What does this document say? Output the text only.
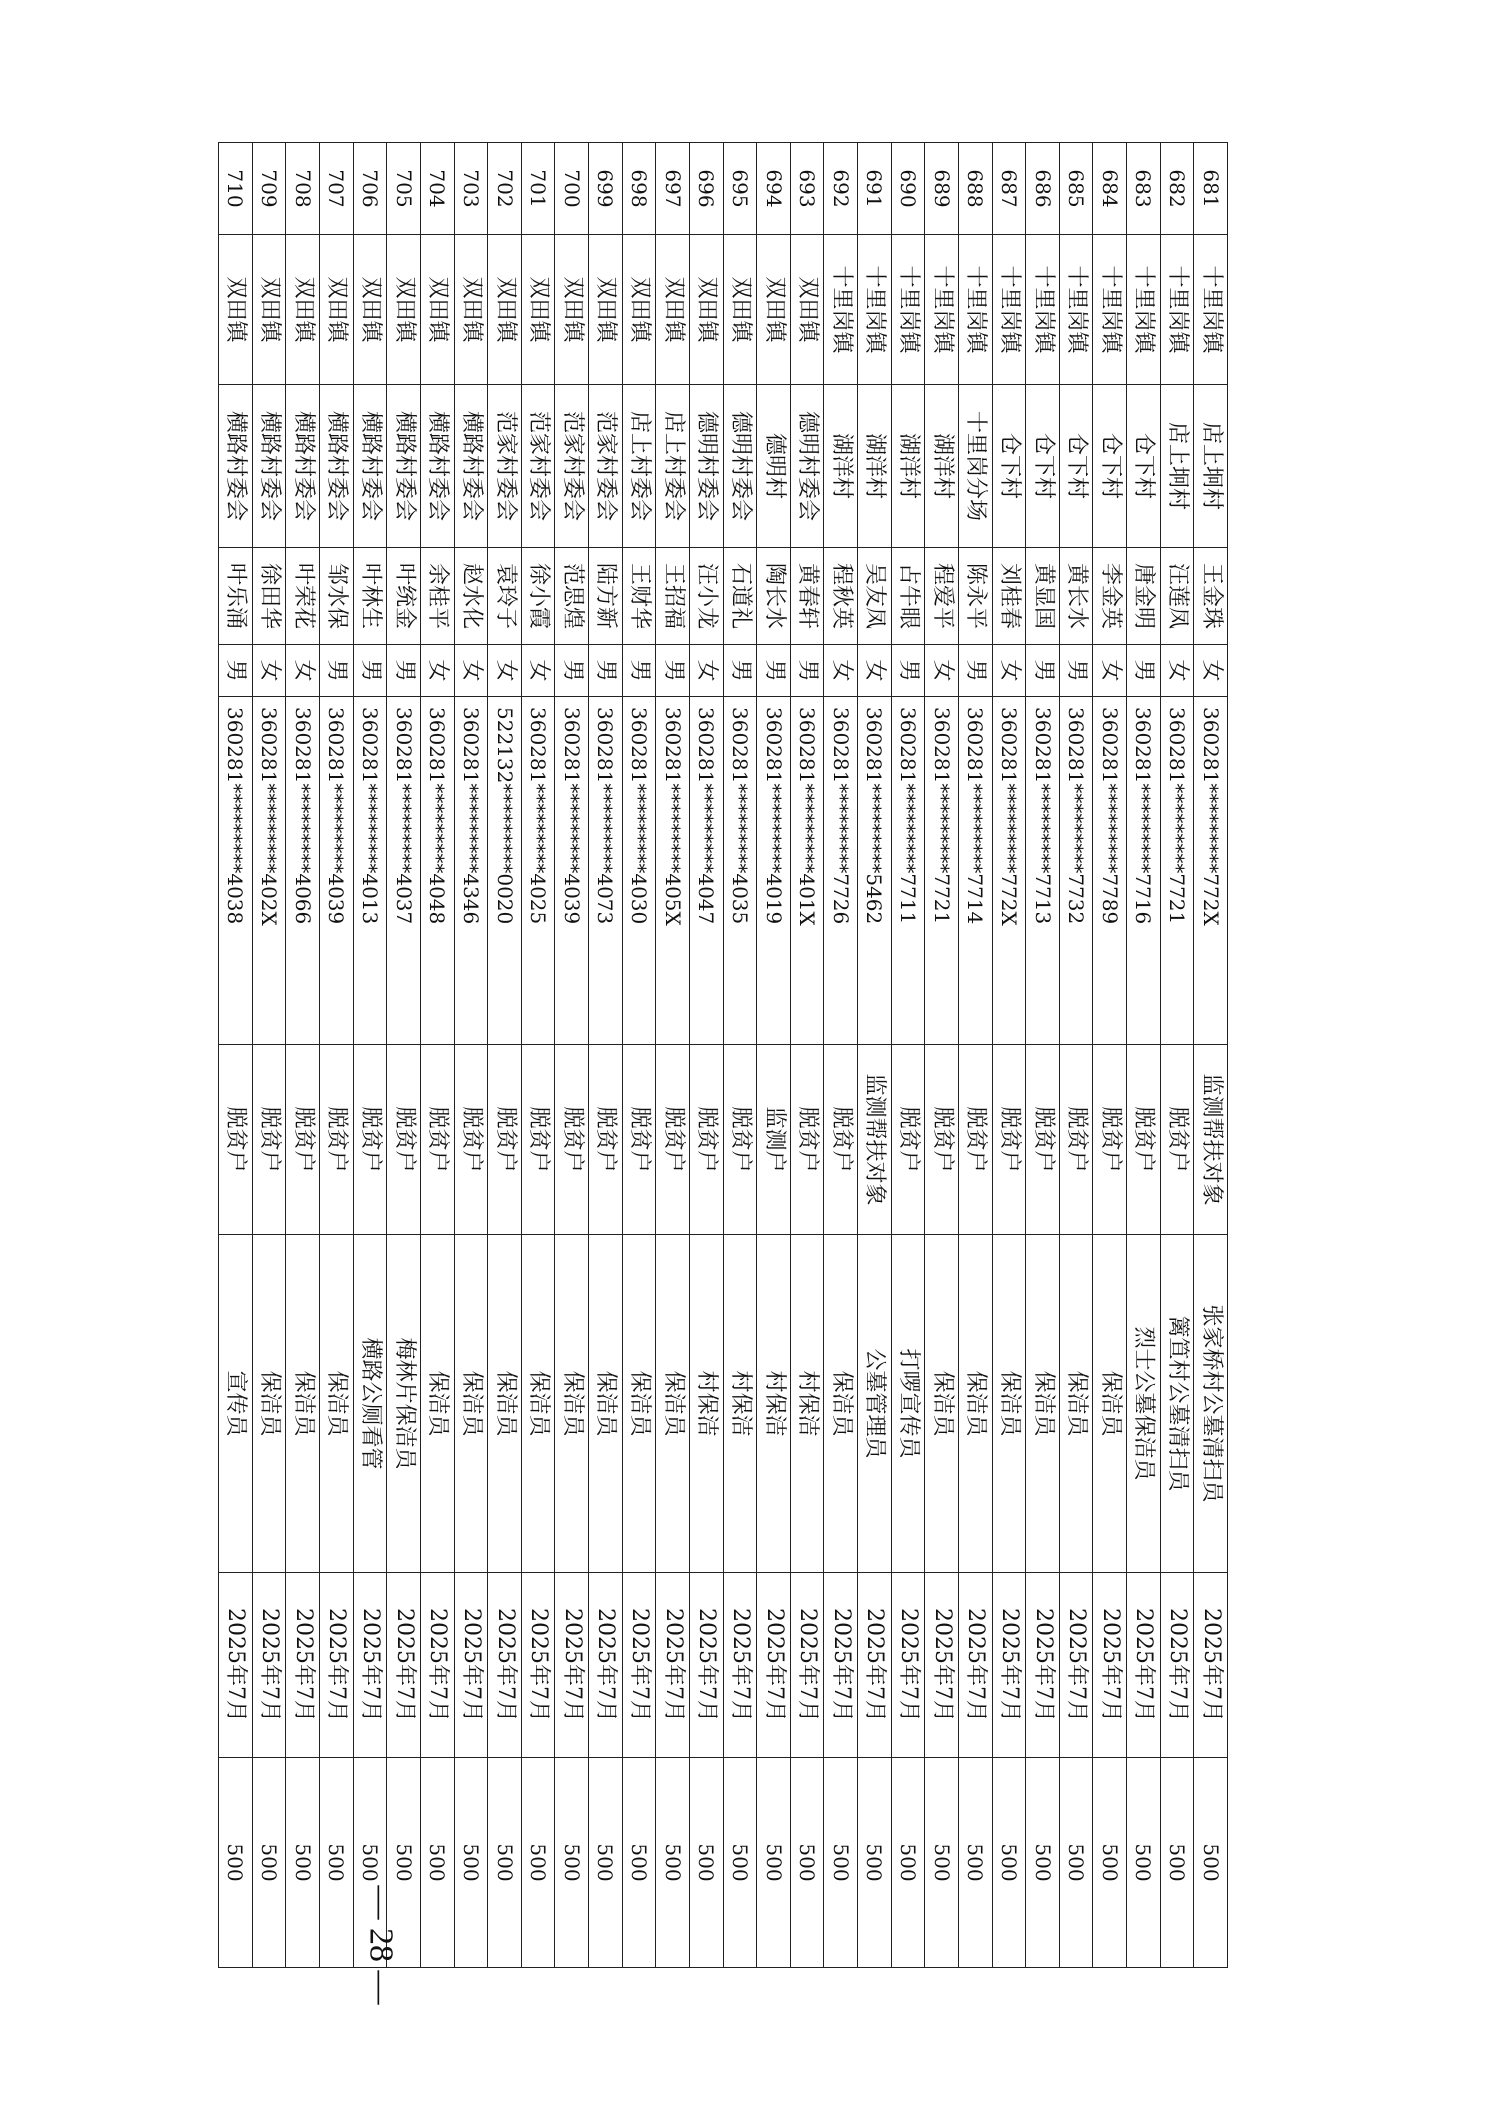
681	十里岗镇	店上坰村	王金珠	女	360281*********772X	监测帮扶对象	张家桥村公墓清扫员	2025年7月	500
682	十里岗镇	店上坰村	汪莲凤	女	360281*********7721	脱贫户	篱笪村公墓清扫员	2025年7月	500
683	十里岗镇	仓下村	唐金明	男	360281*********7716	脱贫户	烈士公墓保洁员	2025年7月	500
684	十里岗镇	仓下村	李金英	女	360281*********7789	脱贫户	保洁员	2025年7月	500
685	十里岗镇	仓下村	黄长水	男	360281*********7732	脱贫户	保洁员	2025年7月	500
686	十里岗镇	仓下村	黄显国	男	360281*********7713	脱贫户	保洁员	2025年7月	500
687	十里岗镇	仓下村	刘桂春	女	360281*********772X	脱贫户	保洁员	2025年7月	500
688	十里岗镇	十里岗分场	陈永平	男	360281*********7714	脱贫户	保洁员	2025年7月	500
689	十里岗镇	湖洋村	程爱平	女	360281*********7721	脱贫户	保洁员	2025年7月	500
690	十里岗镇	湖洋村	占牛眼	男	360281*********7711	脱贫户	打啰宣传员	2025年7月	500
691	十里岗镇	湖洋村	吴友凤	女	360281*********5462	监测帮扶对象	公墓管理员	2025年7月	500
692	十里岗镇	湖洋村	程秋英	女	360281*********7726	脱贫户	保洁员	2025年7月	500
693	双田镇	德明村委会	黄春轩	男	360281*********401X	脱贫户	村保洁	2025年7月	500
694	双田镇	德明村	陶长水	男	360281*********4019	监测户	村保洁	2025年7月	500
695	双田镇	德明村委会	石道礼	男	360281*********4035	脱贫户	村保洁	2025年7月	500
696	双田镇	德明村委会	汪小龙	女	360281*********4047	脱贫户	村保洁	2025年7月	500
697	双田镇	店上村委会	王招福	男	360281*********405X	脱贫户	保洁员	2025年7月	500
698	双田镇	店上村委会	王财华	男	360281*********4030	脱贫户	保洁员	2025年7月	500
699	双田镇	范家村委会	陆方新	男	360281*********4073	脱贫户	保洁员	2025年7月	500
700	双田镇	范家村委会	范思煌	男	360281*********4039	脱贫户	保洁员	2025年7月	500
701	双田镇	范家村委会	徐小霞	女	360281*********4025	脱贫户	保洁员	2025年7月	500
702	双田镇	范家村委会	袁玲子	女	522132*********0020	脱贫户	保洁员	2025年7月	500
703	双田镇	横路村委会	赵水化	女	360281*********4346	脱贫户	保洁员	2025年7月	500
704	双田镇	横路村委会	余桂平	女	360281*********4048	脱贫户	保洁员	2025年7月	500
705	双田镇	横路村委会	叶统金	男	360281*********4037	脱贫户	梅林片保洁员	2025年7月	500
706	双田镇	横路村委会	叶林生	男	360281*********4013	脱贫户	横路公厕看管	2025年7月	500
707	双田镇	横路村委会	邹水保	男	360281*********4039	脱贫户	保洁员	2025年7月	500
708	双田镇	横路村委会	叶荣花	女	360281*********4066	脱贫户	保洁员	2025年7月	500
709	双田镇	横路村委会	徐田华	女	360281*********402X	脱贫户	保洁员	2025年7月	500
710	双田镇	横路村委会	叶乐涌	男	360281*********4038	脱贫户	宣传员	2025年7月	500
— 28 —
